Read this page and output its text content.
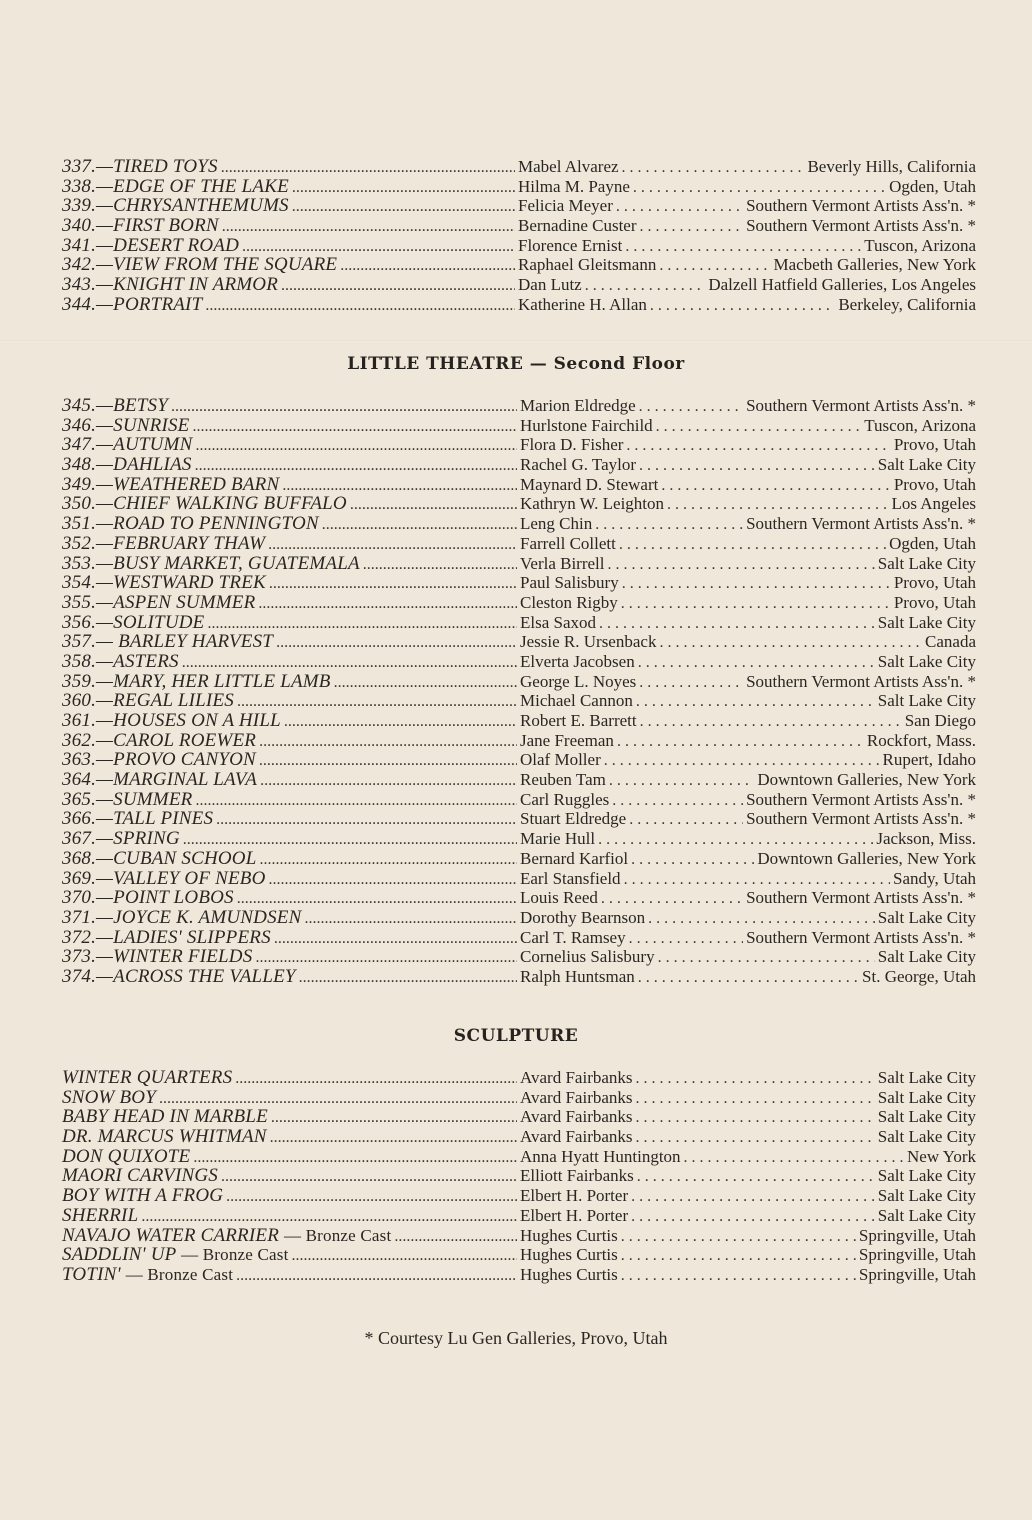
337.—TIRED TOYS .....	Mabel Alvarez . . .	Beverly Hills, California
338.—EDGE OF THE LAKE .....	Hilma M. Payne . . .	Ogden, Utah
339.—CHRYSANTHEMUMS .....	Felicia Meyer . . .	Southern Vermont Artists Ass'n. *
340.—FIRST BORN .....	Bernadine Custer . . .	Southern Vermont Artists Ass'n. *
341.—DESERT ROAD .....	Florence Ernist . . .	Tuscon, Arizona
342.—VIEW FROM THE SQUARE .....	Raphael Gleitsmann . . .	Macbeth Galleries, New York
343.—KNIGHT IN ARMOR .....	Dan Lutz . . .	Dalzell Hatfield Galleries, Los Angeles
344.—PORTRAIT .....	Katherine H. Allan . . .	Berkeley, California
LITTLE THEATRE — Second Floor
345.—BETSY .....	Marion Eldredge . . .	Southern Vermont Artists Ass'n. *
346.—SUNRISE .....	Hurlstone Fairchild . . .	Tuscon, Arizona
347.—AUTUMN .....	Flora D. Fisher . . .	Provo, Utah
348.—DAHLIAS .....	Rachel G. Taylor . . .	Salt Lake City
349.—WEATHERED BARN .....	Maynard D. Stewart . . .	Provo, Utah
350.—CHIEF WALKING BUFFALO .....	Kathryn W. Leighton . . .	Los Angeles
351.—ROAD TO PENNINGTON .....	Leng Chin . . .	Southern Vermont Artists Ass'n. *
352.—FEBRUARY THAW .....	Farrell Collett . . .	Ogden, Utah
353.—BUSY MARKET, GUATEMALA .....	Verla Birrell . . .	Salt Lake City
354.—WESTWARD TREK .....	Paul Salisbury . . .	Provo, Utah
355.—ASPEN SUMMER .....	Cleston Rigby . . .	Provo, Utah
356.—SOLITUDE .....	Elsa Saxod . . .	Salt Lake City
357.— BARLEY HARVEST .....	Jessie R. Ursenback . . .	Canada
358.—ASTERS .....	Elverta Jacobsen . . .	Salt Lake City
359.—MARY, HER LITTLE LAMB .....	George L. Noyes . . .	Southern Vermont Artists Ass'n. *
360.—REGAL LILIES .....	Michael Cannon . . .	Salt Lake City
361.—HOUSES ON A HILL .....	Robert E. Barrett . . .	San Diego
362.—CAROL ROEWER .....	Jane Freeman . . .	Rockfort, Mass.
363.—PROVO CANYON .....	Olaf Moller . . .	Rupert, Idaho
364.—MARGINAL LAVA .....	Reuben Tam . . .	Downtown Galleries, New York
365.—SUMMER .....	Carl Ruggles . . .	Southern Vermont Artists Ass'n. *
366.—TALL PINES .....	Stuart Eldredge . . .	Southern Vermont Artists Ass'n. *
367.—SPRING .....	Marie Hull . . .	Jackson, Miss.
368.—CUBAN SCHOOL .....	Bernard Karfiol . . .	Downtown Galleries, New York
369.—VALLEY OF NEBO .....	Earl Stansfield . . .	Sandy, Utah
370.—POINT LOBOS .....	Louis Reed . . .	Southern Vermont Artists Ass'n. *
371.—JOYCE K. AMUNDSEN .....	Dorothy Bearnson . . .	Salt Lake City
372.—LADIES' SLIPPERS .....	Carl T. Ramsey . . .	Southern Vermont Artists Ass'n. *
373.—WINTER FIELDS .....	Cornelius Salisbury . . .	Salt Lake City
374.—ACROSS THE VALLEY .....	Ralph Huntsman . . .	St. George, Utah
SCULPTURE
WINTER QUARTERS .....	Avard Fairbanks . . .	Salt Lake City
SNOW BOY .....	Avard Fairbanks . . .	Salt Lake City
BABY HEAD IN MARBLE .....	Avard Fairbanks . . .	Salt Lake City
DR. MARCUS WHITMAN .....	Avard Fairbanks . . .	Salt Lake City
DON QUIXOTE .....	Anna Hyatt Huntington . . .	New York
MAORI CARVINGS .....	Elliott Fairbanks . . .	Salt Lake City
BOY WITH A FROG .....	Elbert H. Porter . . .	Salt Lake City
SHERRIL .....	Elbert H. Porter . . .	Salt Lake City
NAVAJO WATER CARRIER — Bronze Cast .....	Hughes Curtis . . .	Springville, Utah
SADDLIN' UP — Bronze Cast .....	Hughes Curtis . . .	Springville, Utah
TOTIN' — Bronze Cast .....	Hughes Curtis . . .	Springville, Utah
* Courtesy Lu Gen Galleries, Provo, Utah
